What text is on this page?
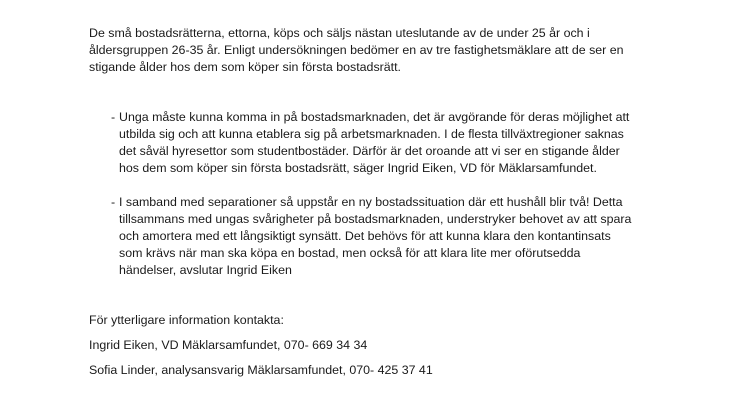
De små bostadsrätterna, ettorna, köps och säljs nästan uteslutande av de under 25 år och i
åldersgruppen 26-35 år. Enligt undersökningen bedömer en av tre fastighetsmäklare att de ser en
stigande ålder hos dem som köper sin första bostadsrätt.

- Unga måste kunna komma in på bostadsmarknaden, det är avgörande för deras möjlighet att
utbilda sig och att kunna etablera sig på arbetsmarknaden. I de flesta tillväxtregioner saknas
det såväl hyresettor som studentbostäder. Därför är det oroande att vi ser en stigande ålder
hos dem som köper sin första bostadsrätt, säger Ingrid Eiken, VD för Mäklarsamfundet.

- I samband med separationer så uppstår en ny bostadssituation där ett hushåll blir två! Detta
tillsammans med ungas svårigheter på bostadsmarknaden, understryker behovet av att spara
och amortera med ett långsiktigt synsätt. Det behövs för att kunna klara den kontantinsats
som krävs när man ska köpa en bostad, men också för att klara lite mer oförutsedda
händelser, avslutar Ingrid Eiken

För ytterligare information kontakta:

Ingrid Eiken, VD Mäklarsamfundet, 070- 669 34 34

Sofia Linder, analysansvarig Mäklarsamfundet, 070- 425 37 41
